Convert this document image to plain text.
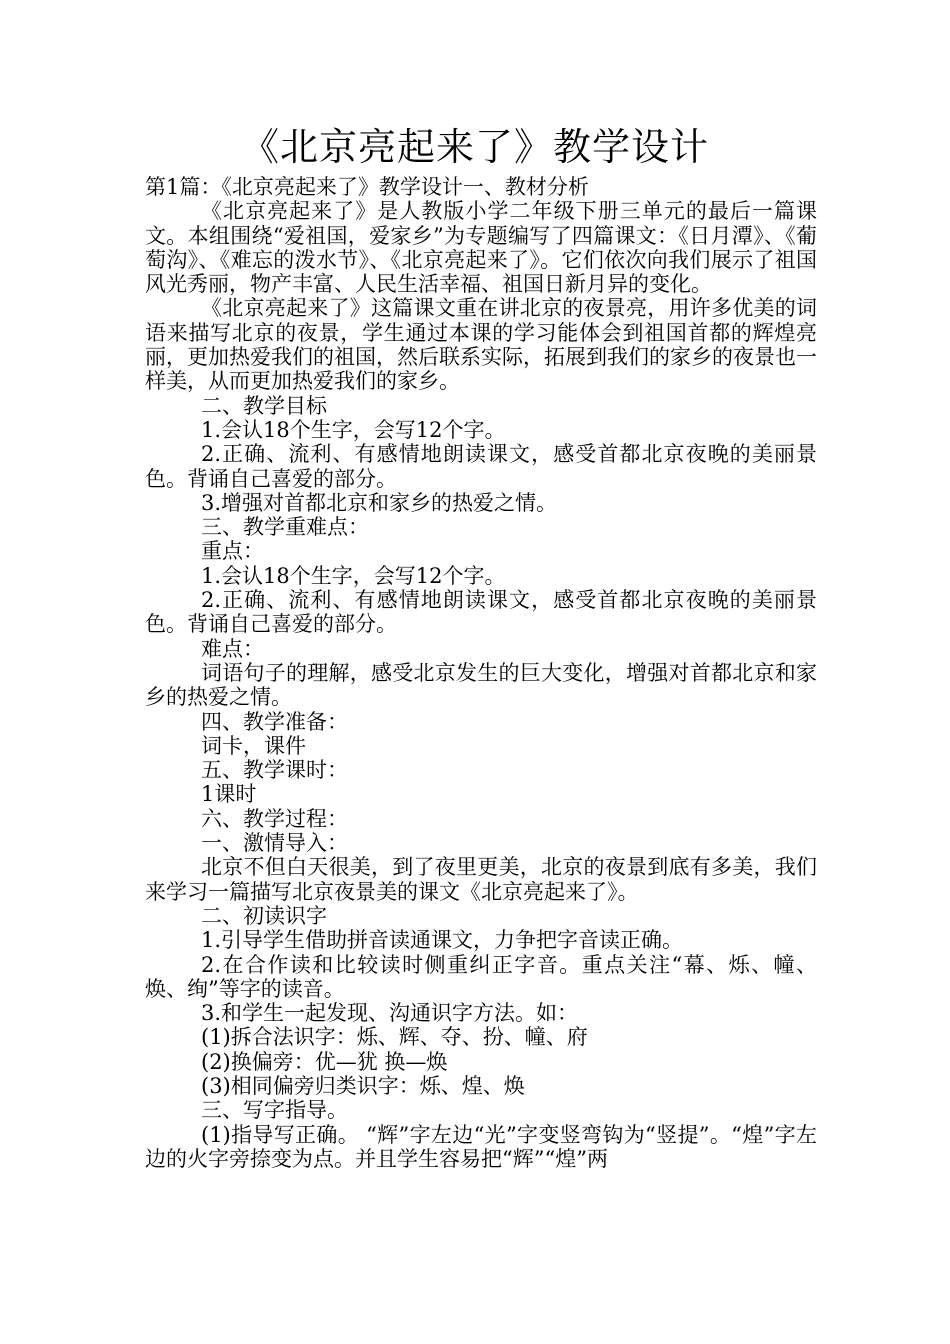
《北京亮起来了》教学设计

第1篇：《北京亮起来了》教学设计一、教材分析

《北京亮起来了》是人教版小学二年级下册三单元的最后一篇课文。本组围绕“爱祖国，爱家乡”为专题编写了四篇课文：《日月潭》、《葡萄沟》、《难忘的泼水节》、《北京亮起来了》。它们依次向我们展示了祖国风光秀丽，物产丰富、人民生活幸福、祖国日新月异的变化。

《北京亮起来了》这篇课文重在讲北京的夜景亮，用许多优美的词语来描写北京的夜景，学生通过本课的学习能体会到祖国首都的辉煌亮丽，更加热爱我们的祖国，然后联系实际，拓展到我们的家乡的夜景也一样美，从而更加热爱我们的家乡。

二、教学目标

1.会认18个生字，会写12个字。

2.正确、流利、有感情地朗读课文，感受首都北京夜晚的美丽景色。背诵自己喜爱的部分。

3.增强对首都北京和家乡的热爱之情。

三、教学重难点：

重点：

1.会认18个生字，会写12个字。

2.正确、流利、有感情地朗读课文，感受首都北京夜晚的美丽景色。背诵自己喜爱的部分。

难点：

词语句子的理解，感受北京发生的巨大变化，增强对首都北京和家乡的热爱之情。

四、教学准备：

词卡，课件

五、教学课时：

1课时

六、教学过程：

一、激情导入：

北京不但白天很美，到了夜里更美，北京的夜景到底有多美，我们来学习一篇描写北京夜景美的课文《北京亮起来了》。

二、初读识字

1.引导学生借助拼音读通课文，力争把字音读正确。

2.在合作读和比较读时侧重纠正字音。重点关注“幕、烁、幢、焕、绚”等字的读音。

3.和学生一起发现、沟通识字方法。如：

(1)拆合法识字：烁、辉、夺、扮、幢、府

(2)换偏旁：优—犹 换—焕

(3)相同偏旁归类识字：烁、煌、焕

三、写字指导。

(1)指导写正确。 “辉”字左边“光”字变竖弯钩为“竖提”。“煌”字左边的火字旁捺变为点。并且学生容易把“辉”“煌”两
